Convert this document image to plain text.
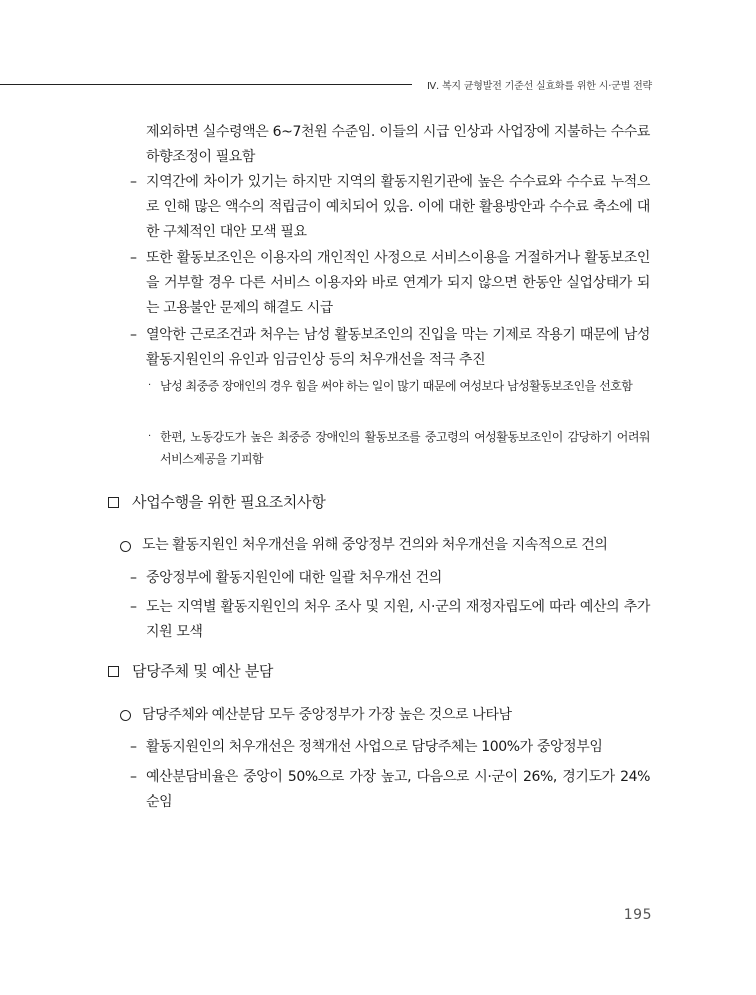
Ⅳ. 복지 균형발전 기준선 실효화를 위한 시·군별 전략

제외하면 실수령액은 6~7천원 수준임. 이들의 시급 인상과 사업장에 지불하는 수수료 하향조정이 필요함

– 지역간에 차이가 있기는 하지만 지역의 활동지원기관에 높은 수수료와 수수료 누적으로 인해 많은 액수의 적립금이 예치되어 있음. 이에 대한 활용방안과 수수료 축소에 대한 구체적인 대안 모색 필요

– 또한 활동보조인은 이용자의 개인적인 사정으로 서비스이용을 거절하거나 활동보조인을 거부할 경우 다른 서비스 이용자와 바로 연계가 되지 않으면 한동안 실업상태가 되는 고용불안 문제의 해결도 시급

– 열악한 근로조건과 처우는 남성 활동보조인의 진입을 막는 기제로 작용기 때문에 남성 활동지원인의 유인과 임금인상 등의 처우개선을 적극 추진

· 남성 최중증 장애인의 경우 힘을 써야 하는 일이 많기 때문에 여성보다 남성활동보조인을 선호함

· 한편, 노동강도가 높은 최중증 장애인의 활동보조를 중고령의 여성활동보조인이 감당하기 어려워 서비스제공을 기피함

사업수행을 위한 필요조치사항

도는 활동지원인 처우개선을 위해 중앙정부 건의와 처우개선을 지속적으로 건의

– 중앙정부에 활동지원인에 대한 일괄 처우개선 건의

– 도는 지역별 활동지원인의 처우 조사 및 지원, 시·군의 재정자립도에 따라 예산의 추가지원 모색

담당주체 및 예산 분담

담당주체와 예산분담 모두 중앙정부가 가장 높은 것으로 나타남

– 활동지원인의 처우개선은 정책개선 사업으로 담당주체는 100%가 중앙정부임

– 예산분담비율은 중앙이 50%으로 가장 높고, 다음으로 시·군이 26%, 경기도가 24% 순임

195
